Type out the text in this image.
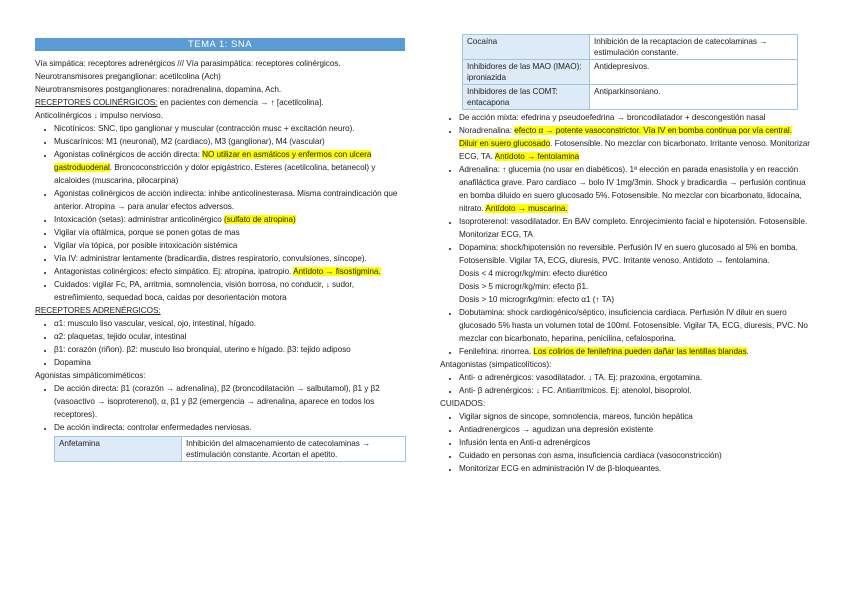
TEMA 1: SNA

Vía simpática: receptores adrenérgicos /// Vía parasimpática: receptores colinérgicos.

Neurotransmisores preganglionar: acetilcolina (Ach)

Neurotransmisores postganglionares: noradrenalina, dopamina, Ach.

RECEPTORES COLINÉRGICOS: en pacientes con demencia → ↑ [acetilcolina].

Anticolinérgicos ↓ impulso nervioso.

• Nicotínicos: SNC, tipo ganglionar y muscular (contracción musc + excitación neuro).
• Muscarínicos: M1 (neuronal), M2 (cardiaco), M3 (ganglionar), M4 (vascular)
• Agonistas colinérgicos de acción directa: NO utilizar en asmáticos y enfermos con ulcera gastroduodenal. Broncoconstricción y dolor epigástrico. Esteres (acetilcolina, betanecol) y alcaloides (muscarina, pilocarpina)
• Agonistas colinérgicos de acción indirecta: inhibe anticolinesterasa. Misma contraindicación que anterior. Atropina → para anular efectos adversos.
• Intoxicación (setas): administrar anticolinérgico (sulfato de atropina)
• Vigilar vía oftálmica, porque se ponen gotas de mas
• Vigilar vía tópica, por posible intoxicación sistémica
• Vía IV: administrar lentamente (bradicardia, distres respiratorio, convulsiones, síncope).
• Antagonistas colinérgicos: efecto simpático. Ej: atropina, ipatropio. Antídoto → fisostigmina.
• Cuidados: vigilar Fc, PA, arritmia, somnolencia, visión borrosa, no conducir, ↓ sudor, estreñimiento, sequedad boca, caídas por desorientación motora

RECEPTORES ADRENÉRGICOS:

• α1: musculo liso vascular, vesical, ojo, intestinal, hígado.
• α2: plaquetas, tejido ocular, intestinal
• β1: corazón (riñon). β2: musculo liso bronquial, uterino e hígado. β3: tejido adiposo
• Dopamina

Agonistas simpáticomiméticos:

• De acción directa: β1 (corazón → adrenalina), β2 (broncodilatación → salbutamol), β1 y β2 (vasoactivo → isoproterenol), α, β1 y β2 (emergencia → adrenalina, aparece en todos los receptores).
• De acción indirecta: controlar enfermedades nerviosas.
Anfetamina	Inhibición del almacenamiento de catecolaminas → estimulación constante. Acortan el apetito.
Cocaína	Inhibición de la recaptacion de catecolaminas → estimulación constante.
Inhibidores de las MAO (IMAO): iproniazida	Antidepresivos.
Inhibidores de las COMT: entacapona	Antiparkinsoniano.
• De acción mixta: efedrina y pseudoefedrina → broncodilatador + descongestión nasal
• Noradrenalina: efecto α → potente vasoconstrictor. Vía IV en bomba continua por vía central. Diluir en suero glucosado. Fotosensible. No mezclar con bicarbonato. Irritante venoso. Monitorizar ECG, TA. Antídoto → fentolamina
• Adrenalina: ↑ glucemia (no usar en diabéticos). 1ª elección en parada enasistolia y en reacción anafiláctica grave. Paro cardiaco → bolo IV 1mg/3min. Shock y bradicardia → perfusión continua en bomba diluido en suero glucosado 5%. Fotosensible. No mezclar con bicarbonato, lidocaína, nitrato. Antídoto → muscarina.
• Isoproterenol: vasodilatador. En BAV completo. Enrojecimiento facial e hipotensión. Fotosensible. Monitorizar ECG, TA
• Dopamina: shock/hipotensión no reversible. Perfusión IV en suero glucosado al 5% en bomba. Fotosensible. Vigilar TA, ECG, diuresis, PVC. Irritante venoso. Antídoto → fentolamina.

Dosis < 4 microgr/kg/min: efecto diurético

Dosis > 5 microgr/kg/min: efecto β1.

Dosis > 10 microgr/kg/min: efecto α1 (↑ TA)

• Dobutamina: shock cardiogénico/séptico, insuficiencia cardiaca. Perfusión IV diluir en suero glucosado 5% hasta un volumen total de 100ml. Fotosensible. Vigilar TA, ECG, diuresis, PVC. No mezclar con bicarbonato, heparina, penicilina, cefalosporina.
• Fenilefrina: rinorrea. Los colirios de fenilefrina pueden dañar las lentillas blandas.

Antagonistas (simpaticolíticos):

• Anti- α adrenérgicos: vasodilatador. ↓ TA. Ej: prazoxina, ergotamina.
• Anti- β adrenérgicos: ↓ FC. Antiarritmicos. Ej: atenolol, bisoprolol.

CUIDADOS:

• Vigilar signos de sincope, somnolencia, mareos, función hepática
• Antiadrenergicos → agudizan una depresión existente
• Infusión lenta en Anti-α adrenérgicos
• Cuidado en personas con asma, insuficiencia cardiaca (vasoconstricción)
• Monitorizar ECG en administración IV de β-bloqueantes.
